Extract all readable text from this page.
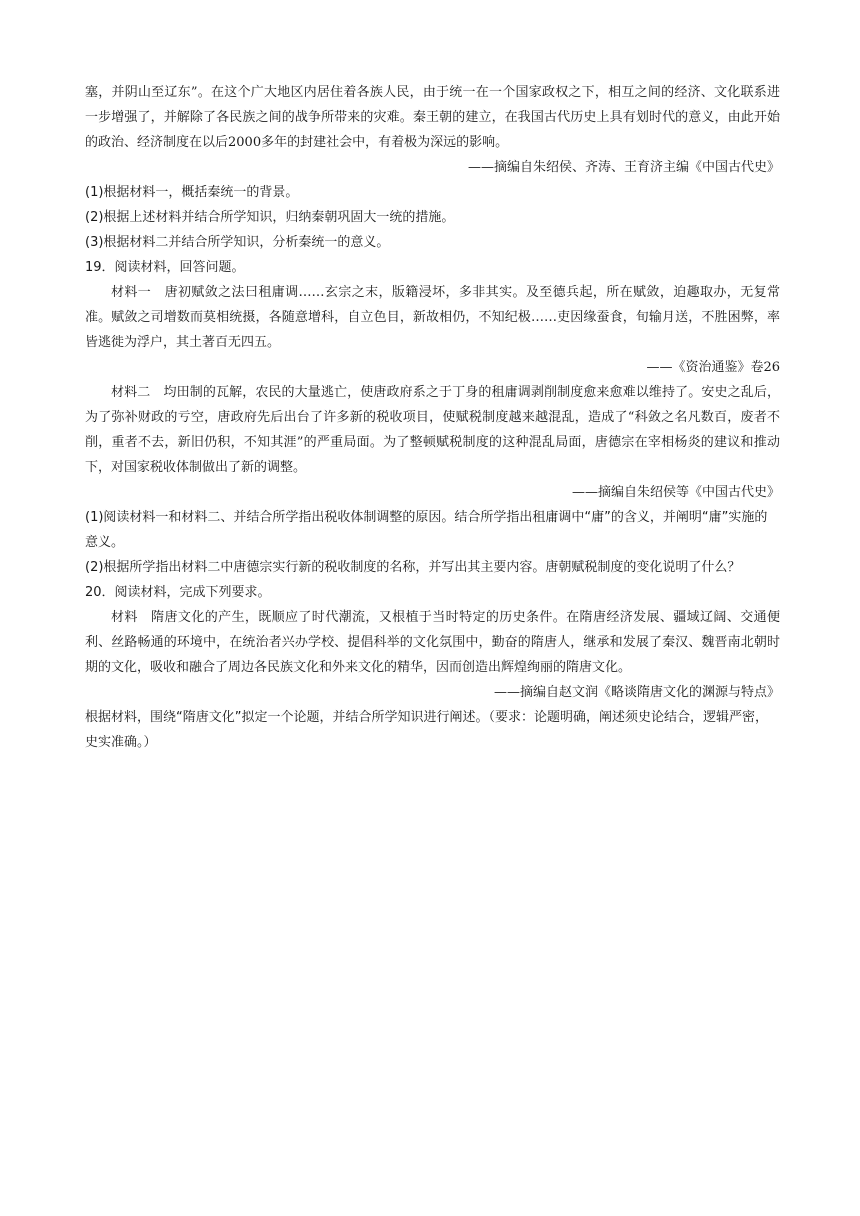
塞，并阴山至辽东”。在这个广大地区内居住着各族人民，由于统一在一个国家政权之下，相互之间的经济、文化联系进一步增强了，并解除了各民族之间的战争所带来的灾难。秦王朝的建立，在我国古代历史上具有划时代的意义，由此开始的政治、经济制度在以后2000多年的封建社会中，有着极为深远的影响。

——摘编自朱绍侯、齐涛、王育济主编《中国古代史》

(1)根据材料一，概括秦统一的背景。

(2)根据上述材料并结合所学知识，归纳秦朝巩固大一统的措施。

(3)根据材料二并结合所学知识，分析秦统一的意义。

19．阅读材料，回答问题。

材料一　唐初赋敛之法曰租庸调……玄宗之末，版籍浸坏，多非其实。及至德兵起，所在赋敛，迫趣取办，无复常准。赋敛之司增数而莫相统摄，各随意增科，自立色目，新故相仍，不知纪极……吏因缘蚕食，旬输月送，不胜困弊，率皆逃徙为浮户，其土著百无四五。

——《资治通鉴》卷26

材料二　均田制的瓦解，农民的大量逃亡，使唐政府系之于丁身的租庸调剥削制度愈来愈难以维持了。安史之乱后，为了弥补财政的亏空，唐政府先后出台了许多新的税收项目，使赋税制度越来越混乱，造成了“科敛之名凡数百，废者不削，重者不去，新旧仍积，不知其涯”的严重局面。为了整顿赋税制度的这种混乱局面，唐德宗在宰相杨炎的建议和推动下，对国家税收体制做出了新的调整。

——摘编自朱绍侯等《中国古代史》

(1)阅读材料一和材料二、并结合所学指出税收体制调整的原因。结合所学指出租庸调中“庸”的含义，并阐明“庸”实施的意义。

(2)根据所学指出材料二中唐德宗实行新的税收制度的名称，并写出其主要内容。唐朝赋税制度的变化说明了什么？

20．阅读材料，完成下列要求。

材料　隋唐文化的产生，既顺应了时代潮流，又根植于当时特定的历史条件。在隋唐经济发展、疆域辽阔、交通便利、丝路畅通的环境中，在统治者兴办学校、提倡科举的文化氛围中，勤奋的隋唐人，继承和发展了秦汉、魏晋南北朝时期的文化，吸收和融合了周边各民族文化和外来文化的精华，因而创造出辉煌绚丽的隋唐文化。

——摘编自赵文润《略谈隋唐文化的渊源与特点》

根据材料，围绕“隋唐文化”拟定一个论题，并结合所学知识进行阐述。（要求：论题明确，阐述须史论结合，逻辑严密，史实准确。）
